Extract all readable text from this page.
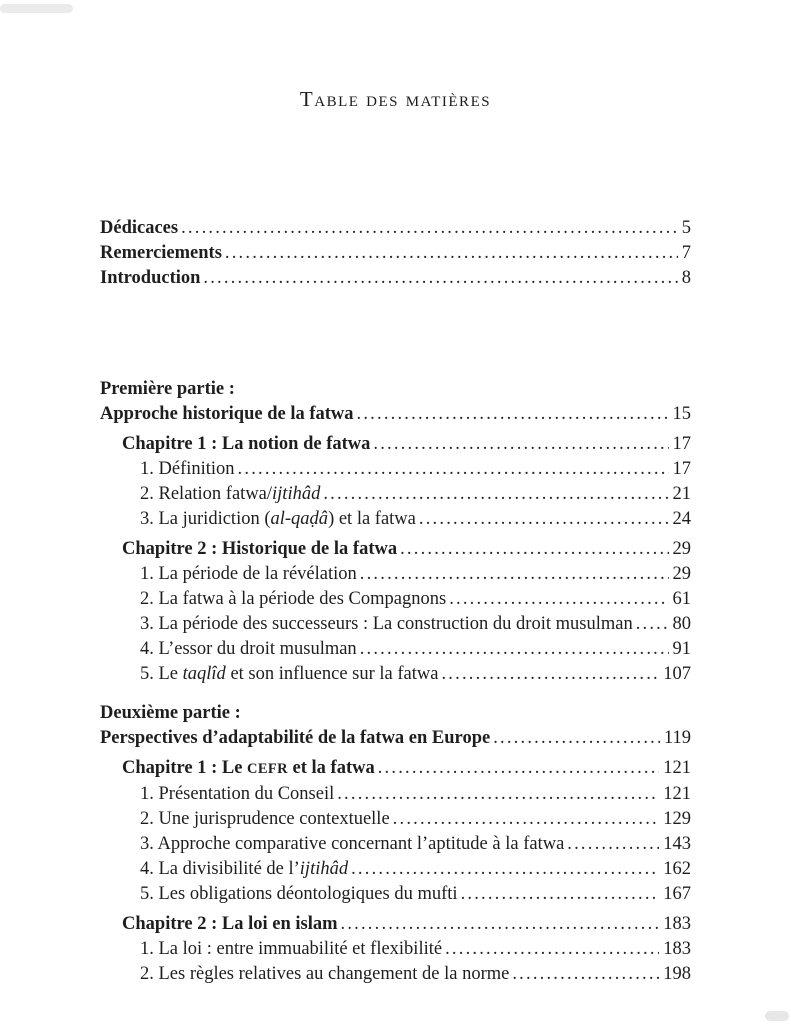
Table des matières
Dédicaces .....	5
Remerciements .....	7
Introduction .....	8
Première partie :
Approche historique de la fatwa .....	15
Chapitre 1 : La notion de fatwa .....	17
1. Définition .....	17
2. Relation fatwa/ijtihâd .....	21
3. La juridiction (al-qaḍâ) et la fatwa .....	24
Chapitre 2 : Historique de la fatwa .....	29
1. La période de la révélation .....	29
2. La fatwa à la période des Compagnons .....	61
3. La période des successeurs : La construction du droit musulman ..... 80
4. L’essor du droit musulman .....	91
5. Le taqlîd et son influence sur la fatwa .....	107
Deuxième partie :
Perspectives d’adaptabilité de la fatwa en Europe .....	119
Chapitre 1 : Le CEFR et la fatwa .....	121
1. Présentation du Conseil .....	121
2. Une jurisprudence contextuelle .....	129
3. Approche comparative concernant l’aptitude à la fatwa .....	143
4. La divisibilité de l’ijtihâd .....	162
5. Les obligations déontologiques du mufti .....	167
Chapitre 2 : La loi en islam .....	183
1. La loi : entre immuabilité et flexibilité .....	183
2. Les règles relatives au changement de la norme .....	198
